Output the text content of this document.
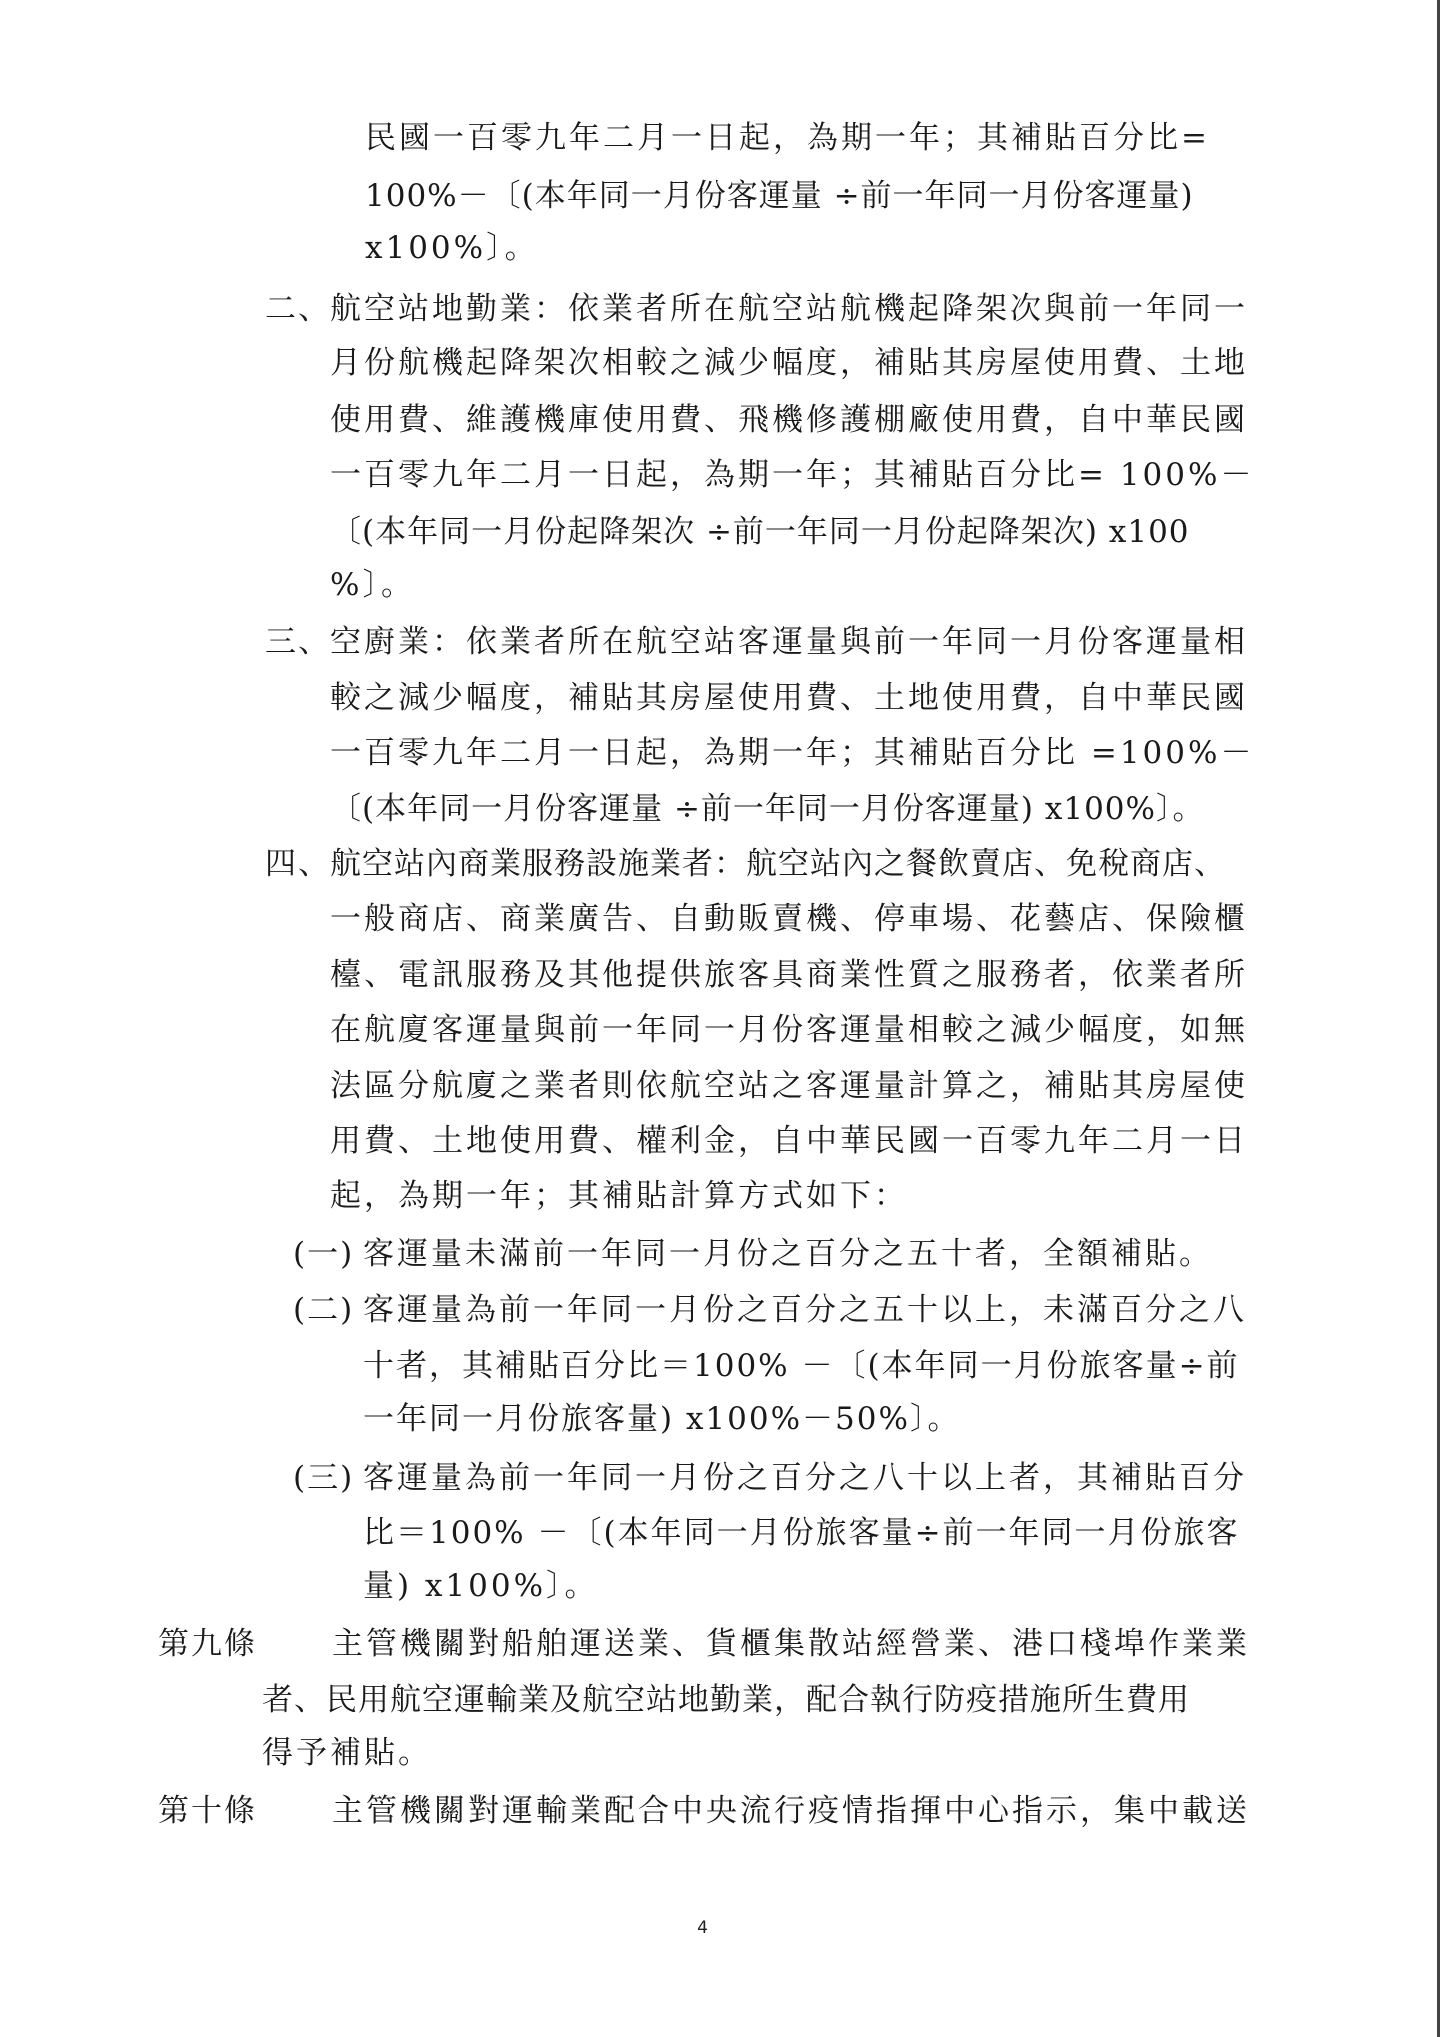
民國一百零九年二月一日起，為期一年；其補貼百分比=
100%－〔(本年同一月份客運量 ÷前一年同一月份客運量)
x100%〕。
二、 航空站地勤業：依業者所在航空站航機起降架次與前一年同一
月份航機起降架次相較之減少幅度，補貼其房屋使用費、土地
使用費、維護機庫使用費、飛機修護棚廠使用費，自中華民國
一百零九年二月一日起，為期一年；其補貼百分比= 100%－
〔(本年同一月份起降架次 ÷前一年同一月份起降架次) x100
%〕。
三、 空廚業：依業者所在航空站客運量與前一年同一月份客運量相
較之減少幅度，補貼其房屋使用費、土地使用費，自中華民國
一百零九年二月一日起，為期一年；其補貼百分比 =100%－
〔(本年同一月份客運量 ÷前一年同一月份客運量) x100%〕。
四、 航空站內商業服務設施業者：航空站內之餐飲賣店、免稅商店、
一般商店、商業廣告、自動販賣機、停車場、花藝店、保險櫃
檯、電訊服務及其他提供旅客具商業性質之服務者，依業者所
在航廈客運量與前一年同一月份客運量相較之減少幅度，如無
法區分航廈之業者則依航空站之客運量計算之，補貼其房屋使
用費、土地使用費、權利金，自中華民國一百零九年二月一日
起，為期一年；其補貼計算方式如下：
(一) 客運量未滿前一年同一月份之百分之五十者，全額補貼。
(二) 客運量為前一年同一月份之百分之五十以上，未滿百分之八
十者，其補貼百分比＝100% －〔(本年同一月份旅客量÷前
一年同一月份旅客量) x100%－50%〕。
(三) 客運量為前一年同一月份之百分之八十以上者，其補貼百分
比＝100% －〔(本年同一月份旅客量÷前一年同一月份旅客
量) x100%〕。
第九條 主管機關對船舶運送業、貨櫃集散站經營業、港口棧埠作業業
者、民用航空運輸業及航空站地勤業，配合執行防疫措施所生費用
得予補貼。
第十條 主管機關對運輸業配合中央流行疫情指揮中心指示，集中載送
4
